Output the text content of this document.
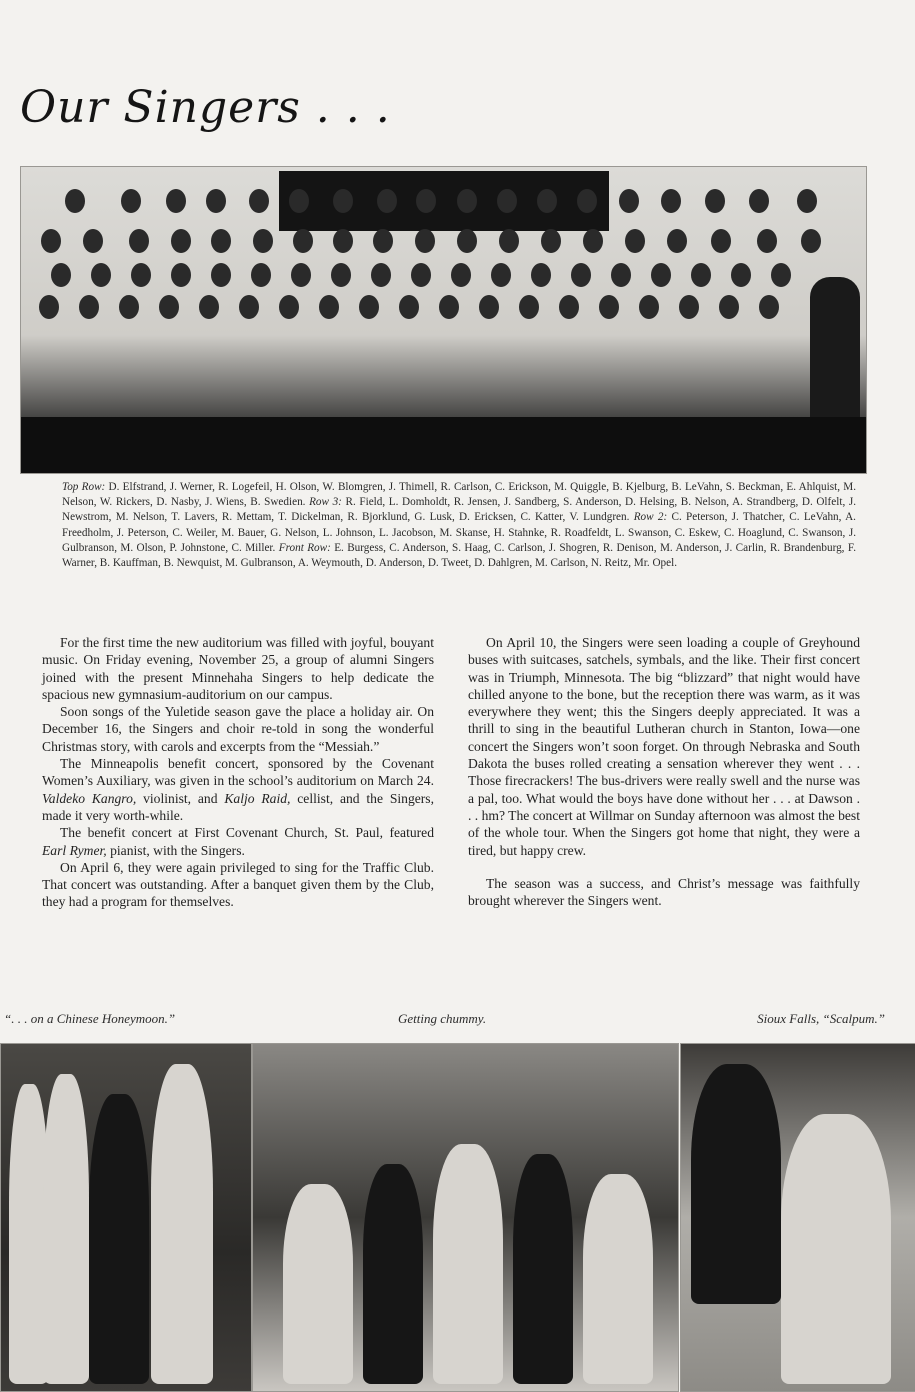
Our Singers . . .
Top Row: D. Elfstrand, J. Werner, R. Logefeil, H. Olson, W. Blomgren, J. Thimell, R. Carlson, C. Erickson, M. Quiggle, B. Kjelburg, B. LeVahn, S. Beckman, E. Ahlquist, M. Nelson, W. Rickers, D. Nasby, J. Wiens, B. Swedien. Row 3: R. Field, L. Domholdt, R. Jensen, J. Sandberg, S. Anderson, D. Helsing, B. Nelson, A. Strandberg, D. Olfelt, J. Newstrom, M. Nelson, T. Lavers, R. Mettam, T. Dickelman, R. Bjorklund, G. Lusk, D. Ericksen, C. Katter, V. Lundgren. Row 2: C. Peterson, J. Thatcher, C. LeVahn, A. Freedholm, J. Peterson, C. Weiler, M. Bauer, G. Nelson, L. Johnson, L. Jacobson, M. Skanse, H. Stahnke, R. Roadfeldt, L. Swanson, C. Eskew, C. Hoaglund, C. Swanson, J. Gulbranson, M. Olson, P. Johnstone, C. Miller. Front Row: E. Burgess, C. Anderson, S. Haag, C. Carlson, J. Shogren, R. Denison, M. Anderson, J. Carlin, R. Brandenburg, F. Warner, B. Kauffman, B. Newquist, M. Gulbranson, A. Weymouth, D. Anderson, D. Tweet, D. Dahlgren, M. Carlson, N. Reitz, Mr. Opel.

For the first time the new auditorium was filled with joyful, bouyant music. On Friday evening, November 25, a group of alumni Singers joined with the present Minnehaha Singers to help dedicate the spacious new gymnasium-auditorium on our campus.

Soon songs of the Yuletide season gave the place a holiday air. On December 16, the Singers and choir re-told in song the wonderful Christmas story, with carols and excerpts from the “Messiah.”

The Minneapolis benefit concert, sponsored by the Covenant Women’s Auxiliary, was given in the school’s auditorium on March 24. Valdeko Kangro, violinist, and Kaljo Raid, cellist, and the Singers, made it very worth-while.

The benefit concert at First Covenant Church, St. Paul, featured Earl Rymer, pianist, with the Singers.

On April 6, they were again privileged to sing for the Traffic Club. That concert was outstanding. After a banquet given them by the Club, they had a program for themselves.

On April 10, the Singers were seen loading a couple of Greyhound buses with suitcases, satchels, symbals, and the like. Their first concert was in Triumph, Minnesota. The big “blizzard” that night would have chilled anyone to the bone, but the reception there was warm, as it was everywhere they went; this the Singers deeply appreciated. It was a thrill to sing in the beautiful Lutheran church in Stanton, Iowa—one concert the Singers won’t soon forget. On through Nebraska and South Dakota the buses rolled creating a sensation wherever they went . . . Those firecrackers! The bus-drivers were really swell and the nurse was a pal, too. What would the boys have done without her . . . at Dawson . . . hm? The concert at Willmar on Sunday afternoon was almost the best of the whole tour. When the Singers got home that night, they were a tired, but happy crew.

The season was a success, and Christ’s message was faithfully brought wherever the Singers went.

“. . . on a Chinese Honeymoon.”	Getting chummy.	Sioux Falls, “Scalpum.”
